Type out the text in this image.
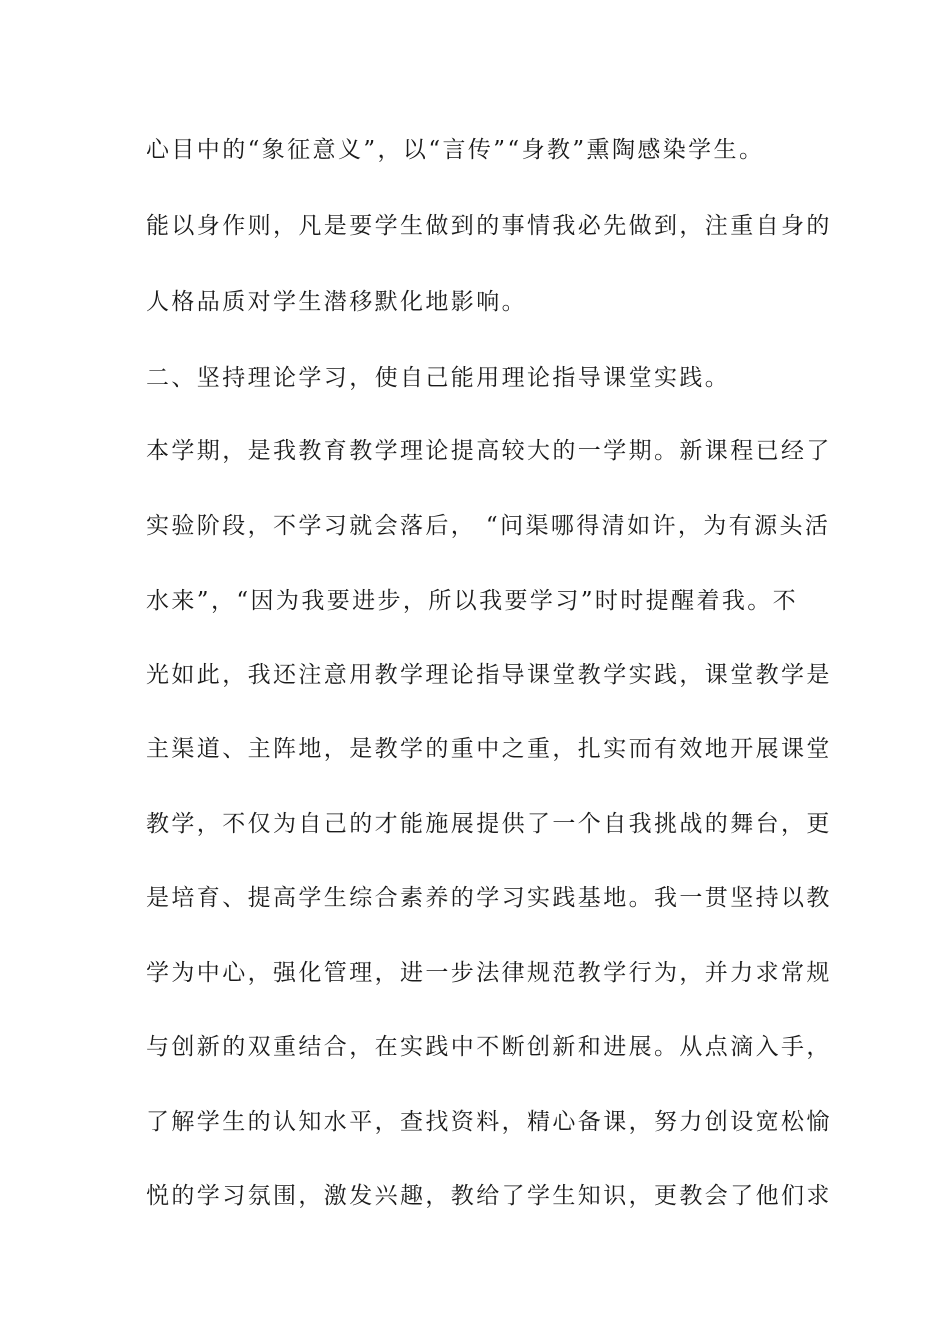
心目中的“象征意义”，以“言传”“身教”熏陶感染学生。
能以身作则，凡是要学生做到的事情我必先做到，注重自身的
人格品质对学生潜移默化地影响。
二、坚持理论学习，使自己能用理论指导课堂实践。
本学期，是我教育教学理论提高较大的一学期。新课程已经了
实验阶段，不学习就会落后， “问渠哪得清如许，为有源头活
水来”，“因为我要进步，所以我要学习”时时提醒着我。不
光如此，我还注意用教学理论指导课堂教学实践，课堂教学是
主渠道、主阵地，是教学的重中之重，扎实而有效地开展课堂
教学，不仅为自己的才能施展提供了一个自我挑战的舞台，更
是培育、提高学生综合素养的学习实践基地。我一贯坚持以教
学为中心，强化管理，进一步法律规范教学行为，并力求常规
与创新的双重结合，在实践中不断创新和进展。从点滴入手，
了解学生的认知水平，查找资料，精心备课，努力创设宽松愉
悦的学习氛围，激发兴趣，教给了学生知识，更教会了他们求
